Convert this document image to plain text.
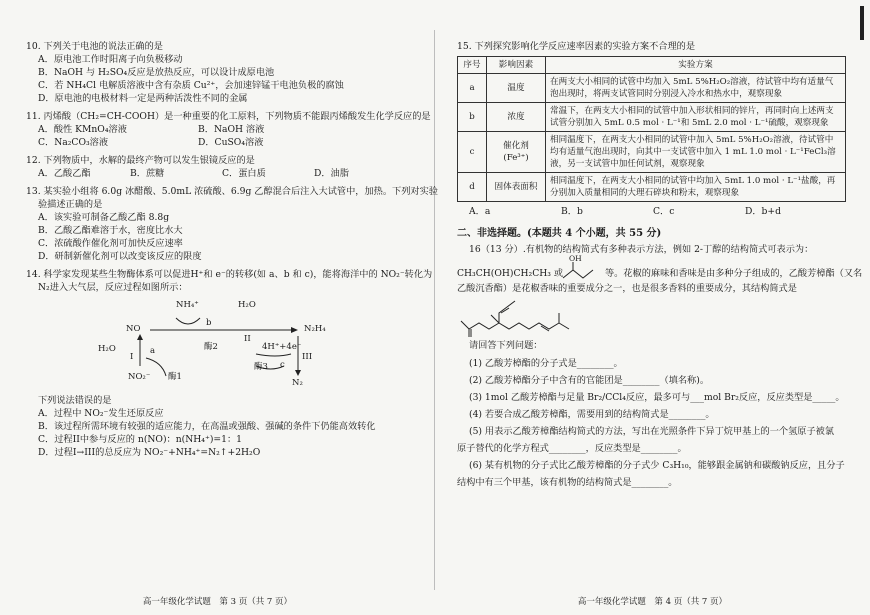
10. 下列关于电池的说法正确的是

A．原电池工作时阳离子向负极移动

B．NaOH 与 H₂SO₄反应是放热反应，可以设计成原电池

C．若 NH₄Cl 电解质溶液中含有杂质 Cu²⁺，会加速锌锰干电池负极的腐蚀

D．原电池的电极材料一定是两种活泼性不同的金属

11. 丙烯酸（CH₂=CH-COOH）是一种重要的化工原料，下列物质不能跟丙烯酸发生化学反应的是

A．酸性 KMnO₄溶液	B．NaOH 溶液
C．Na₂CO₃溶液	D．CuSO₄溶液

12. 下列物质中，水解的最终产物可以发生银镜反应的是

A．乙酸乙酯	B．蔗糖	C．蛋白质	D．油脂

13. 某实验小组将 6.0g 冰醋酸、5.0mL 浓硫酸、6.9g 乙醇混合后注入大试管中，加热。下列对实验

验描述正确的是

A．该实验可制备乙酸乙酯 8.8g

B．乙酸乙酯难溶于水，密度比水大

C．浓硫酸作催化剂可加快反应速率

D．研制新催化剂可以改变该反应的限度

14. 科学家发现某些生物酶体系可以促进H⁺和 e⁻的转移(如 a、b 和 c)，能将海洋中的 NO₂⁻转化为

N₂进入大气层，反应过程如图所示：

NH₄⁺	H₂O
NO	N₂H₄
b
酶2
II
H₂O
I
a	4H⁺+4e⁻
III
酶3 c
NO₂⁻ 酶1
N₂

下列说法错误的是

A．过程中 NO₂⁻发生还原反应

B．该过程所需环境有较强的适应能力，在高温或强酸、强碱的条件下仍能高效转化

C．过程II中参与反应的 n(NO)：n(NH₄⁺)=1：1

D．过程I→III的总反应为 NO₂⁻+NH₄⁺=N₂↑+2H₂O

高一年级化学试题　第 3 页（共 7 页）

15. 下列探究影响化学反应速率因素的实验方案不合理的是

序号	影响因素	实验方案
a	温度	在两支大小相同的试管中均加入 5mL 5%H₂O₂溶液，待试管中均有适量气泡出现时，将两支试管同时分别浸入冷水和热水中，观察现象
b	浓度	常温下，在两支大小相同的试管中加入形状相同的锌片，再同时向上述两支试管分别加入 5mL 0.5 mol · L⁻¹和 5mL 2.0 mol · L⁻¹硫酸，观察现象
c	催化剂(Fe³⁺)	相同温度下，在两支大小相同的试管中加入 5mL 5%H₂O₂溶液，待试管中均有适量气泡出现时，向其中一支试管中加入 1 mL 1.0 mol · L⁻¹FeCl₃溶液，另一支试管中加任何试剂，观察现象
d	固体表面积	相同温度下，在两支大小相同的试管中均加入 5mL 1.0 mol · L⁻¹盐酸，再分别加入质量相同的大理石碎块和粉末，观察现象
A．a	B．b	C．c	D．b+d
二、非选择题。(本题共 4 个小题，共 55 分)

16（13 分）.有机物的结构简式有多种表示方法，例如 2-丁醇的结构简式可表示为：

CH₃CH(OH)CH₂CH₃ 或
OH
等。花椒的麻味和香味是由多种分子组成的，乙酸芳樟酯（又名

乙酸沉香酯）是花椒香味的重要成分之一，也是很多香料的重要成分，其结构简式是

请回答下列问题：

(1) 乙酸芳樟酯的分子式是________。

(2) 乙酸芳樟酯分子中含有的官能团是________（填名称)。

(3) 1mol 乙酸芳樟酯与足量 Br₂/CCl₄反应，最多可与___mol Br₂反应，反应类型是_____。

(4) 若要合成乙酸芳樟酯，需要用到的结构简式是________。

(5) 用表示乙酸芳樟酯结构简式的方法，写出在光照条件下异丁烷甲基上的一个氢原子被氯

原子替代的化学方程式________，反应类型是________。

(6) 某有机物的分子式比乙酸芳樟酯的分子式少 C₃H₁₀，能够跟金属钠和碳酸钠反应，且分子

结构中有三个甲基，该有机物的结构简式是________。

高一年级化学试题　第 4 页（共 7 页）
